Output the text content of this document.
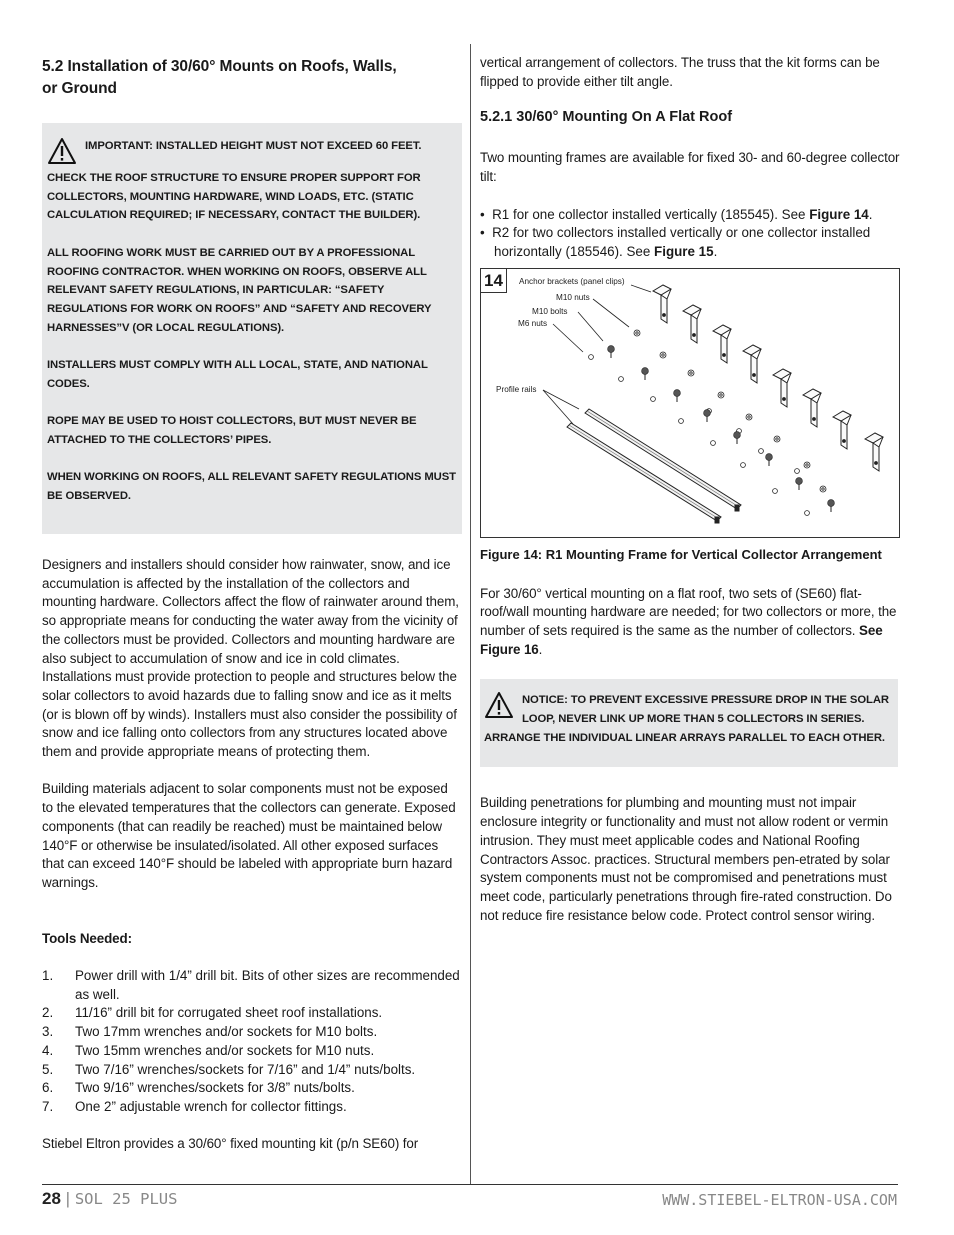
5.2 Installation of 30/60° Mounts on Roofs, Walls,
or Ground

IMPORTANT: INSTALLED HEIGHT MUST NOT EXCEED 60 FEET.

CHECK THE ROOF STRUCTURE TO ENSURE PROPER SUPPORT FOR COLLECTORS, MOUNTING HARDWARE, WIND LOADS, ETC. (STATIC CALCULATION REQUIRED; IF NECESSARY, CONTACT THE BUILDER).

ALL ROOFING WORK MUST BE CARRIED OUT BY A PROFESSIONAL ROOFING CONTRACTOR. WHEN WORKING ON ROOFS, OBSERVE ALL RELEVANT SAFETY REGULATIONS, IN PARTICULAR: “SAFETY REGULATIONS FOR WORK ON ROOFS” AND “SAFETY AND RECOVERY HARNESSES”V (OR LOCAL REGULATIONS).

INSTALLERS MUST COMPLY WITH ALL LOCAL, STATE, AND NATIONAL CODES.

ROPE MAY BE USED TO HOIST COLLECTORS, BUT MUST NEVER BE ATTACHED TO THE COLLECTORS’ PIPES.

WHEN WORKING ON ROOFS, ALL RELEVANT SAFETY REGULATIONS MUST BE OBSERVED.

Designers and installers should consider how rainwater, snow, and ice accumulation is affected by the installation of the collectors and mounting hardware. Collectors affect the flow of rainwater around them, so appropriate means for conducting the water away from the vicinity of the collectors must be provided. Collectors and mounting hardware are also subject to accumulation of snow and ice in cold climates. Installations must provide protection to people and structures below the solar collectors to avoid hazards due to falling snow and ice as it melts (or is blown off by winds). Installers must also consider the possibility of snow and ice falling onto collectors from any structures located above them and provide appropriate means of protecting them.

Building materials adjacent to solar components must not be exposed to the elevated temperatures that the collectors can generate. Exposed components (that can readily be reached) must be maintained below 140°F or otherwise be insulated/isolated. All other exposed surfaces that can exceed 140°F should be labeled with appropriate burn hazard warnings.

Tools Needed:

1. Power drill with 1/4” drill bit. Bits of other sizes are recommended as well.
2. 11/16” drill bit for corrugated sheet roof installations.
3. Two 17mm wrenches and/or sockets for M10 bolts.
4. Two 15mm wrenches and/or sockets for M10 nuts.
5. Two 7/16” wrenches/sockets for 7/16” and 1/4” nuts/bolts.
6. Two 9/16” wrenches/sockets for 3/8” nuts/bolts.
7. One 2” adjustable wrench for collector fittings.

Stiebel Eltron provides a 30/60° fixed mounting kit (p/n SE60) for

vertical arrangement of collectors. The truss that the kit forms can be flipped to provide either tilt angle.

5.2.1 30/60° Mounting On A Flat Roof

Two mounting frames are available for fixed 30- and 60-degree collector tilt:

•  R1 for one collector installed vertically (185545). See Figure 14.
•  R2 for two collectors installed vertically or one collector installed horizontally (185546). See Figure 15.
14	Anchor brackets (panel clips)
M10 nuts
M10 bolts
M6 nuts
Profile rails

Figure 14: R1 Mounting Frame for Vertical Collector Arrangement

For 30/60° vertical mounting on a flat roof, two sets of (SE60) flat-roof/wall mounting hardware are needed; for two collectors or more, the number of sets required is the same as the number of collectors. See Figure 16.

NOTICE: TO PREVENT EXCESSIVE PRESSURE DROP IN THE SOLAR LOOP, NEVER LINK UP MORE THAN 5 COLLECTORS IN SERIES.

ARRANGE THE INDIVIDUAL LINEAR ARRAYS PARALLEL TO EACH OTHER.

Building penetrations for plumbing and mounting must not impair enclosure integrity or functionality and must not allow rodent or vermin intrusion. They must meet applicable codes and National Roofing Contractors Assoc. practices. Structural members pen-etrated by solar system components must not be compromised and penetrations must meet code, particularly penetrations through fire-rated construction. Do not reduce fire resistance below code. Protect control sensor wiring.

28 | SOL 25 PLUS	WWW.STIEBEL-ELTRON-USA.COM
